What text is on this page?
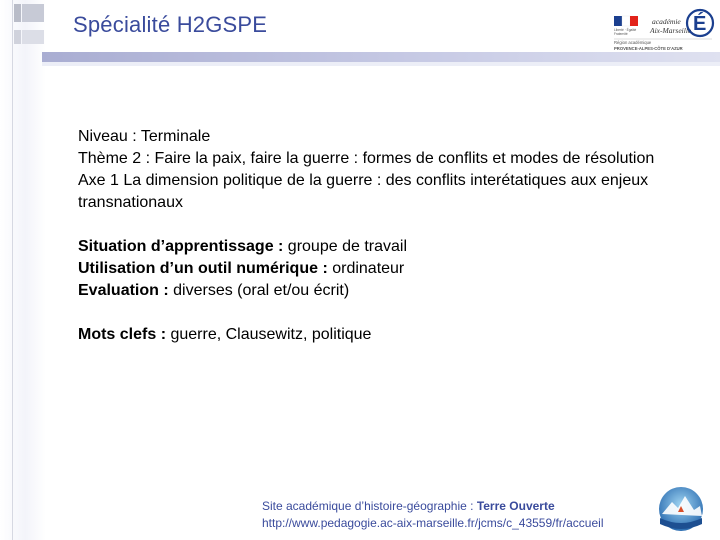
Spécialité H2GSPE	Liberté · Égalité
Fraternité
académie
Aix-Marseille É
Région académique
PROVENCE-ALPES-CÔTE D'AZUR

Niveau : Terminale

Thème 2 : Faire la paix, faire la guerre : formes de conflits et modes de résolution

Axe 1 La dimension politique de la guerre : des conflits interétatiques aux enjeux transnationaux

Situation d’apprentissage : groupe de travail

Utilisation d’un outil numérique : ordinateur

Evaluation : diverses (oral et/ou écrit)

Mots clefs : guerre, Clausewitz, politique

Site académique d’histoire-géographie : Terre Ouverte
http://www.pedagogie.ac-aix-marseille.fr/jcms/c_43559/fr/accueil
